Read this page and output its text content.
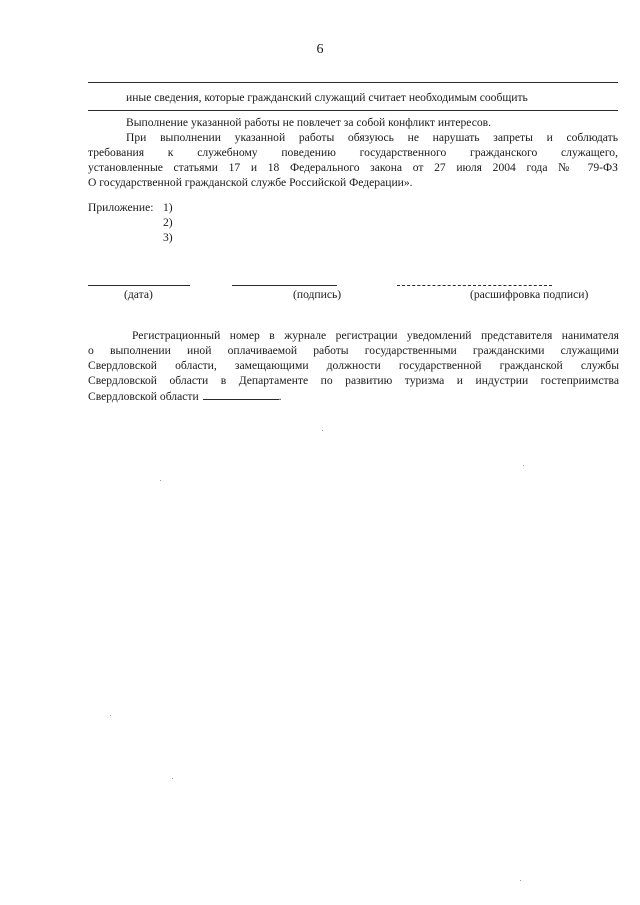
6
иные сведения, которые гражданский служащий считает необходимым сообщить
Выполнение указанной работы не повлечет за собой конфликт интересов.
При выполнении указанной работы обязуюсь не нарушать запреты и соблюдать
требования к служебному поведению государственного гражданского служащего,
установленные статьями 17 и 18 Федерального закона от 27 июля 2004 года № 79-ФЗ
О государственной гражданской службе Российской Федерации».
Приложение: 1)
2)
3)
(дата)	(подпись)	(расшифровка подписи)
Регистрационный номер в журнале регистрации уведомлений представителя нанимателя
о выполнении иной оплачиваемой работы государственными гражданскими служащими
Свердловской области, замещающими должности государственной гражданской службы
Свердловской области в Департаменте по развитию туризма и индустрии гостеприимства
Свердловской области	.
